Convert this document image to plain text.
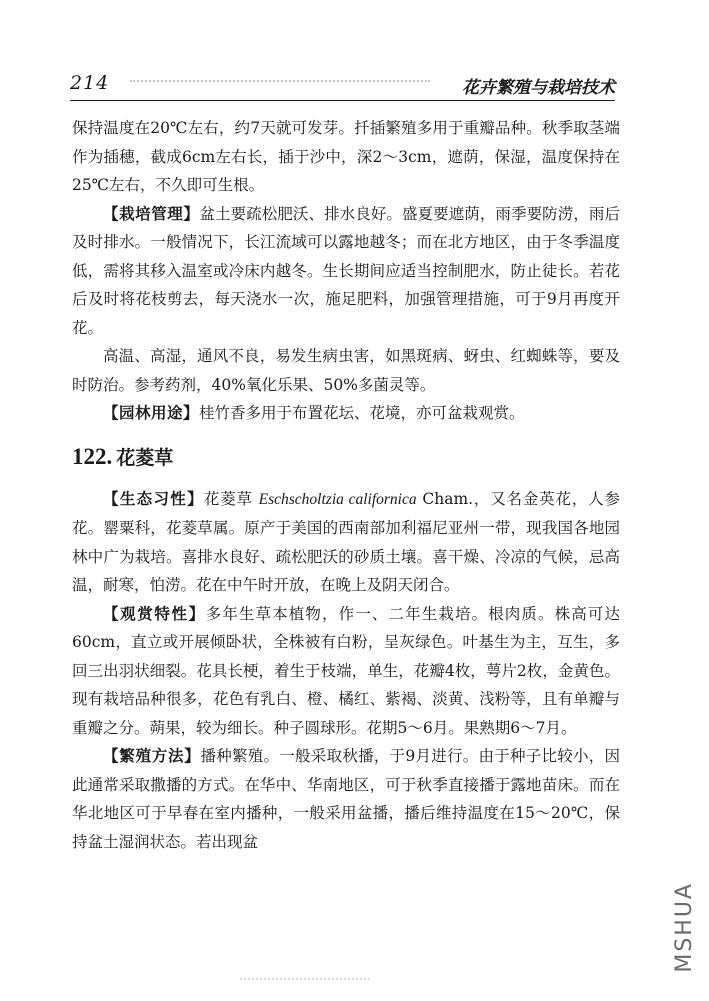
214	花卉繁殖与栽培技术

保持温度在20℃左右，约7天就可发芽。扦插繁殖多用于重瓣品种。秋季取茎端作为插穗，截成6cm左右长，插于沙中，深2～3cm，遮荫，保湿，温度保持在25℃左右，不久即可生根。

【栽培管理】盆土要疏松肥沃、排水良好。盛夏要遮荫，雨季要防涝，雨后及时排水。一般情况下，长江流域可以露地越冬；而在北方地区，由于冬季温度低，需将其移入温室或冷床内越冬。生长期间应适当控制肥水，防止徒长。若花后及时将花枝剪去，每天浇水一次，施足肥料，加强管理措施，可于9月再度开花。

高温、高湿，通风不良，易发生病虫害，如黑斑病、蚜虫、红蜘蛛等，要及时防治。参考药剂，40%氧化乐果、50%多菌灵等。

【园林用途】桂竹香多用于布置花坛、花境，亦可盆栽观赏。

122. 花菱草

【生态习性】花菱草 Eschscholtzia californica Cham.，又名金英花，人参花。罂粟科，花菱草属。原产于美国的西南部加利福尼亚州一带，现我国各地园林中广为栽培。喜排水良好、疏松肥沃的砂质土壤。喜干燥、冷凉的气候，忌高温，耐寒，怕涝。花在中午时开放，在晚上及阴天闭合。

【观赏特性】多年生草本植物，作一、二年生栽培。根肉质。株高可达60cm，直立或开展倾卧状，全株被有白粉，呈灰绿色。叶基生为主，互生，多回三出羽状细裂。花具长梗，着生于枝端，单生，花瓣4枚，萼片2枚，金黄色。现有栽培品种很多，花色有乳白、橙、橘红、紫褐、淡黄、浅粉等，且有单瓣与重瓣之分。蒴果，较为细长。种子圆球形。花期5～6月。果熟期6～7月。

【繁殖方法】播种繁殖。一般采取秋播，于9月进行。由于种子比较小，因此通常采取撒播的方式。在华中、华南地区，可于秋季直接播于露地苗床。而在华北地区可于早春在室内播种，一般采用盆播，播后维持温度在15～20℃，保持盆土湿润状态。若出现盆

MSHUA
